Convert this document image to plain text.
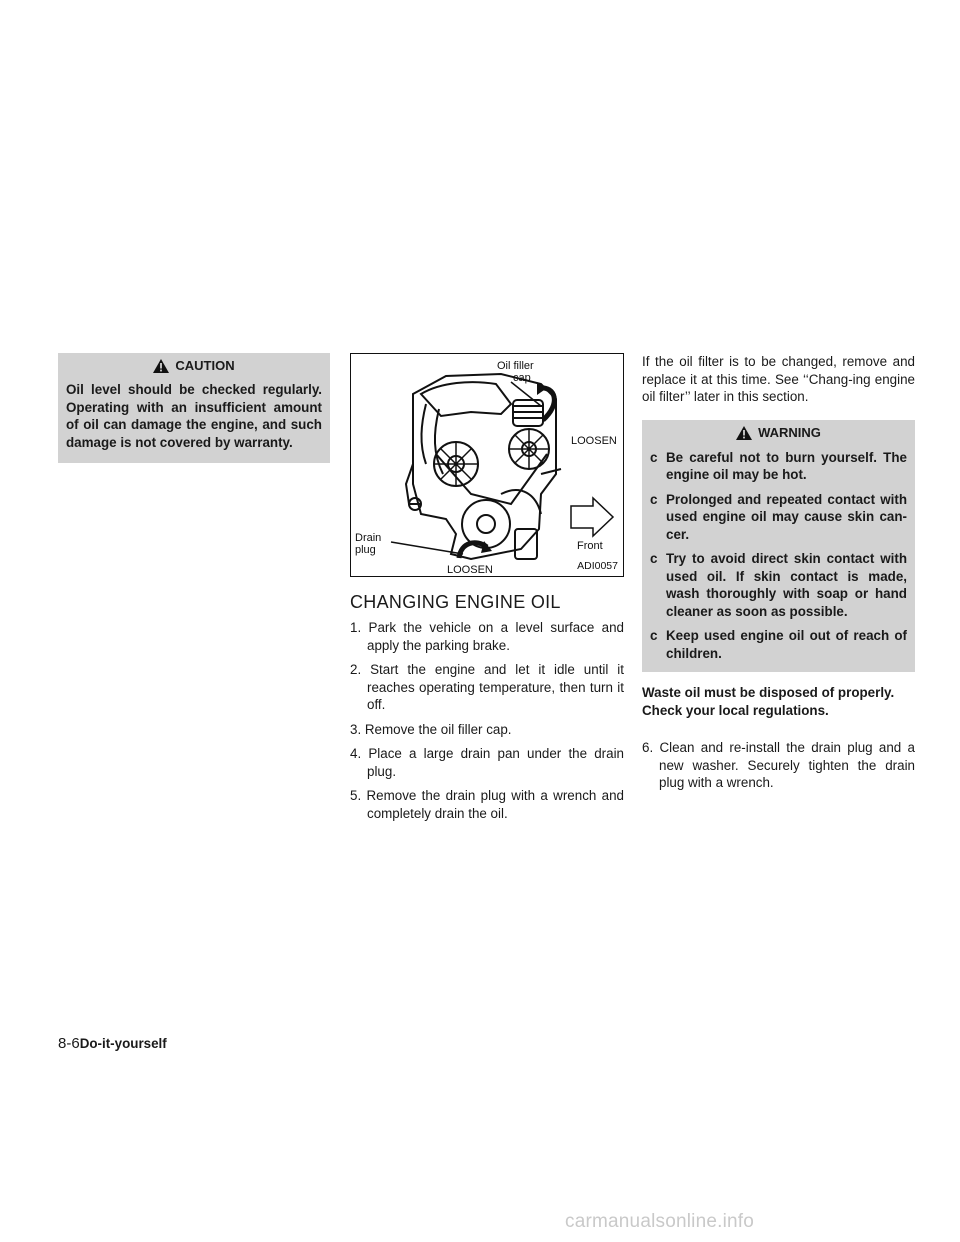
CAUTION
Oil level should be checked regularly. Operating with an insufficient amount of oil can damage the engine, and such damage is not covered by warranty.
Oil filler
cap
LOOSEN
Drain
plug	Front
LOOSEN	ADI0057
CHANGING ENGINE OIL

1. Park the vehicle on a level surface and apply the parking brake.

2. Start the engine and let it idle until it reaches operating temperature, then turn it off.

3. Remove the oil filler cap.

4. Place a large drain pan under the drain plug.

5. Remove the drain plug with a wrench and completely drain the oil.

If the oil filter is to be changed, remove and replace it at this time. See ‘‘Chang-ing engine oil filter’’ later in this section.

WARNING
c Be careful not to burn yourself. The engine oil may be hot.
c Prolonged and repeated contact with used engine oil may cause skin can-cer.
c Try to avoid direct skin contact with used oil. If skin contact is made, wash thoroughly with soap or hand cleaner as soon as possible.
c Keep used engine oil out of reach of children.

Waste oil must be disposed of properly. Check your local regulations.

6. Clean and re-install the drain plug and a new washer. Securely tighten the drain plug with a wrench.

8-6Do-it-yourself
carmanualsonline.info
